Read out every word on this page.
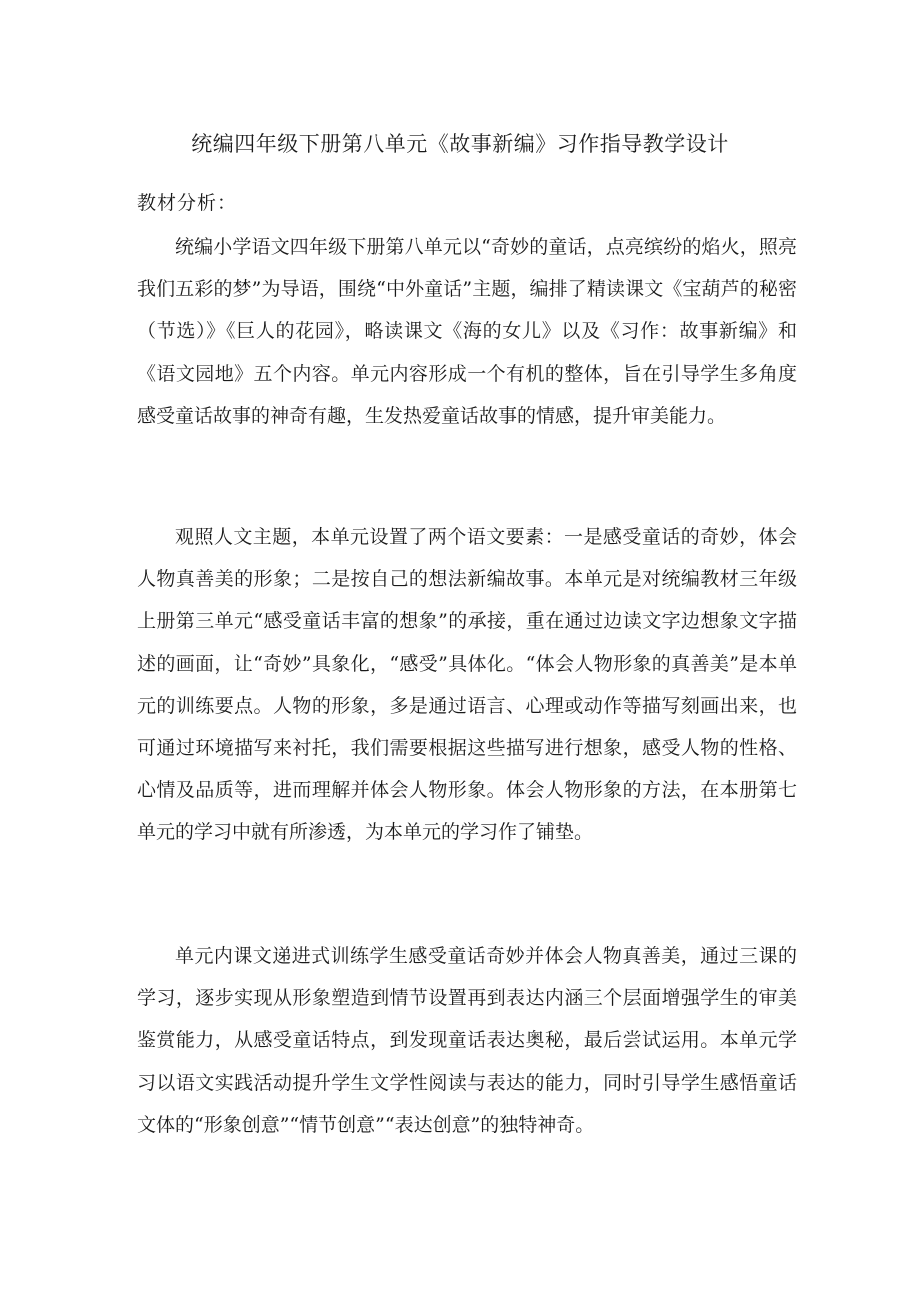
统编四年级下册第八单元《故事新编》习作指导教学设计
教材分析：

统编小学语文四年级下册第八单元以“奇妙的童话，点亮缤纷的焰火，照亮我们五彩的梦”为导语，围绕“中外童话”主题，编排了精读课文《宝葫芦的秘密（节选）》《巨人的花园》，略读课文《海的女儿》以及《习作：故事新编》和《语文园地》五个内容。单元内容形成一个有机的整体，旨在引导学生多角度感受童话故事的神奇有趣，生发热爱童话故事的情感，提升审美能力。

观照人文主题，本单元设置了两个语文要素：一是感受童话的奇妙，体会人物真善美的形象；二是按自己的想法新编故事。本单元是对统编教材三年级上册第三单元“感受童话丰富的想象”的承接，重在通过边读文字边想象文字描述的画面，让“奇妙”具象化，“感受”具体化。“体会人物形象的真善美”是本单元的训练要点。人物的形象，多是通过语言、心理或动作等描写刻画出来，也可通过环境描写来衬托，我们需要根据这些描写进行想象，感受人物的性格、心情及品质等，进而理解并体会人物形象。体会人物形象的方法，在本册第七单元的学习中就有所渗透，为本单元的学习作了铺垫。

单元内课文递进式训练学生感受童话奇妙并体会人物真善美，通过三课的学习，逐步实现从形象塑造到情节设置再到表达内涵三个层面增强学生的审美鉴赏能力，从感受童话特点，到发现童话表达奥秘，最后尝试运用。本单元学习以语文实践活动提升学生文学性阅读与表达的能力，同时引导学生感悟童话文体的“形象创意”“情节创意”“表达创意”的独特神奇。
